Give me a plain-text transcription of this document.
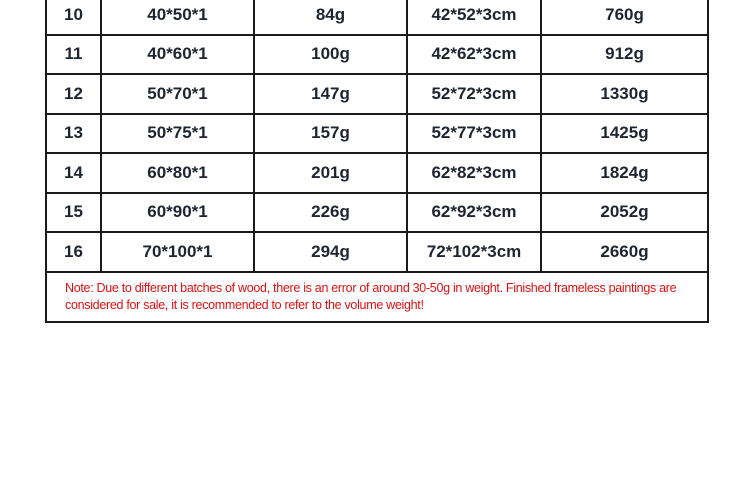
10	40*50*1	84g	42*52*3cm	760g
11	40*60*1	100g	42*62*3cm	912g
12	50*70*1	147g	52*72*3cm	1330g
13	50*75*1	157g	52*77*3cm	1425g
14	60*80*1	201g	62*82*3cm	1824g
15	60*90*1	226g	62*92*3cm	2052g
16	70*100*1	294g	72*102*3cm	2660g
Note: Due to different batches of wood, there is an error of around 30-50g in weight. Finished frameless paintings are considered for sale, it is recommended to refer to the volume weight!				
